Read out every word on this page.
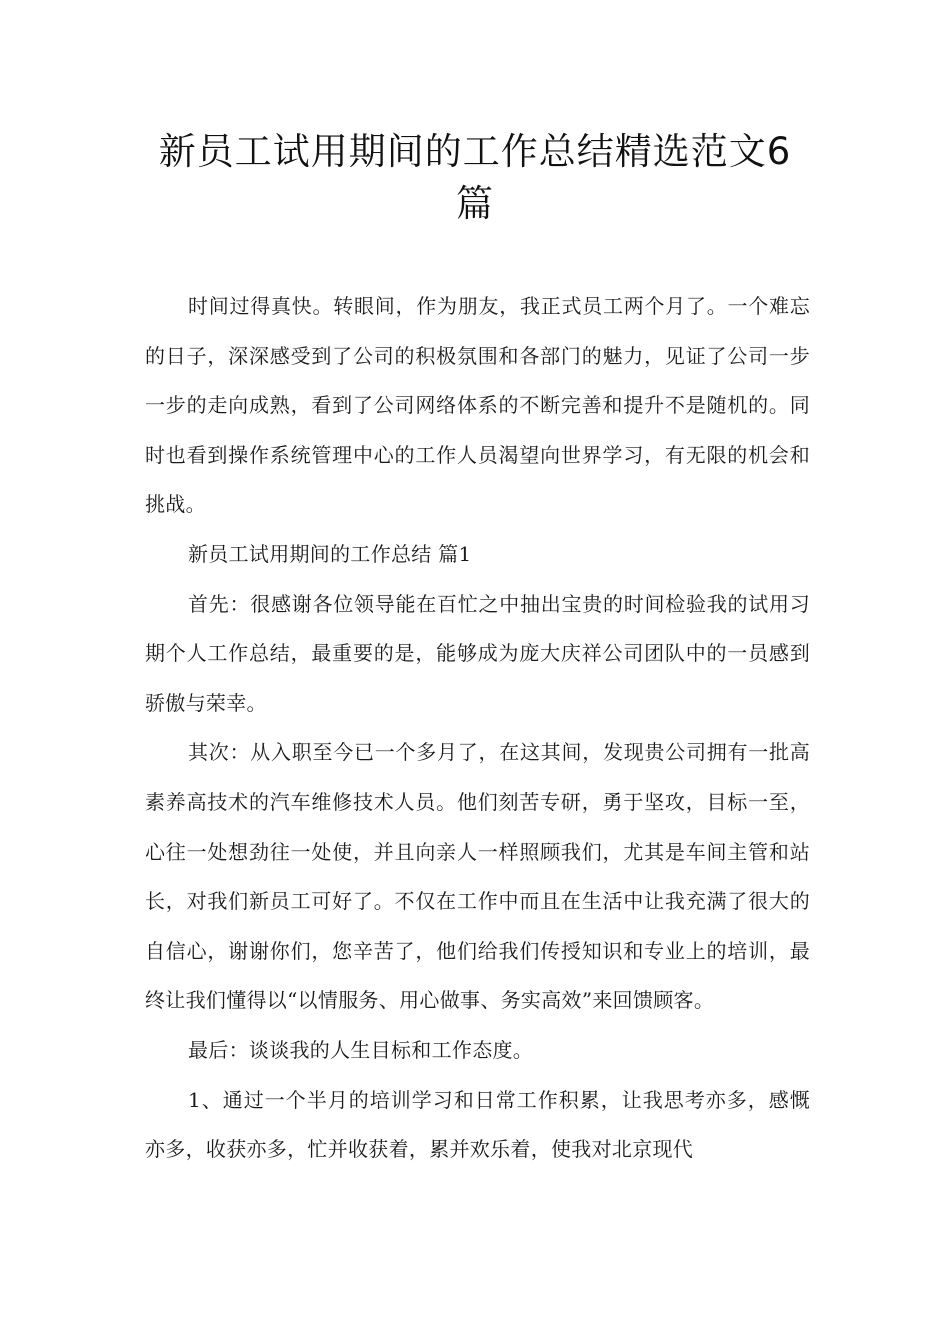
新员工试用期间的工作总结精选范文6篇

时间过得真快。转眼间，作为朋友，我正式员工两个月了。一个难忘的日子，深深感受到了公司的积极氛围和各部门的魅力，见证了公司一步一步的走向成熟，看到了公司网络体系的不断完善和提升不是随机的。同时也看到操作系统管理中心的工作人员渴望向世界学习，有无限的机会和挑战。

新员工试用期间的工作总结 篇1

首先：很感谢各位领导能在百忙之中抽出宝贵的时间检验我的试用习期个人工作总结，最重要的是，能够成为庞大庆祥公司团队中的一员感到骄傲与荣幸。

其次：从入职至今已一个多月了，在这其间，发现贵公司拥有一批高素养高技术的汽车维修技术人员。他们刻苦专研，勇于坚攻，目标一至，心往一处想劲往一处使，并且向亲人一样照顾我们，尤其是车间主管和站长，对我们新员工可好了。不仅在工作中而且在生活中让我充满了很大的自信心，谢谢你们，您辛苦了，他们给我们传授知识和专业上的培训，最终让我们懂得以“以情服务、用心做事、务实高效”来回馈顾客。

最后：谈谈我的人生目标和工作态度。

1、通过一个半月的培训学习和日常工作积累，让我思考亦多，感慨亦多，收获亦多，忙并收获着，累并欢乐着，使我对北京现代
